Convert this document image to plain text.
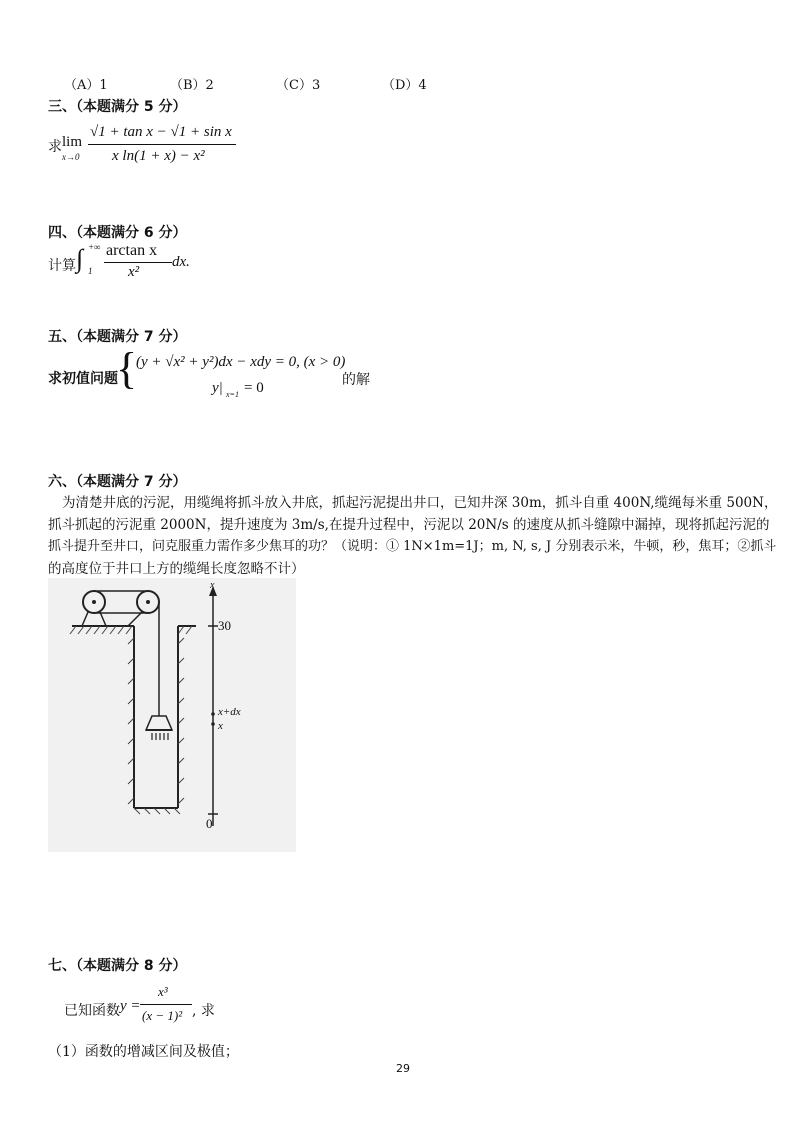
（A）1	（B）2	（C）3	（D）4
三、（本题满分 5 分）
求 lim
x→0
√1 + tan x − √1 + sin x
x ln(1 + x) − x²
四、（本题满分 6 分）
计算 ∫ +∞
1
arctan x
x²
dx.
五、（本题满分 7 分）
求初值问题
{
(y + √x² + y²)dx − xdy = 0, (x > 0)
y| x=1 = 0	的解
六、（本题满分 7 分）
为清楚井底的污泥，用缆绳将抓斗放入井底，抓起污泥提出井口，已知井深 30m，抓斗自重 400N,缆绳每米重 500N，
抓斗抓起的污泥重 2000N，提升速度为 3m/s,在提升过程中，污泥以 20N/s 的速度从抓斗缝隙中漏掉，现将抓起污泥的
抓斗提升至井口，问克服重力需作多少焦耳的功？（说明：① 1N×1m=1J；m, N, s, J 分别表示米，牛顿，秒，焦耳；②抓斗
的高度位于井口上方的缆绳长度忽略不计）
x
30
x+dx
x
0
七、（本题满分 8 分）
已知函数 y =
x³
(x − 1)² , 求
（1）函数的增减区间及极值；
29
